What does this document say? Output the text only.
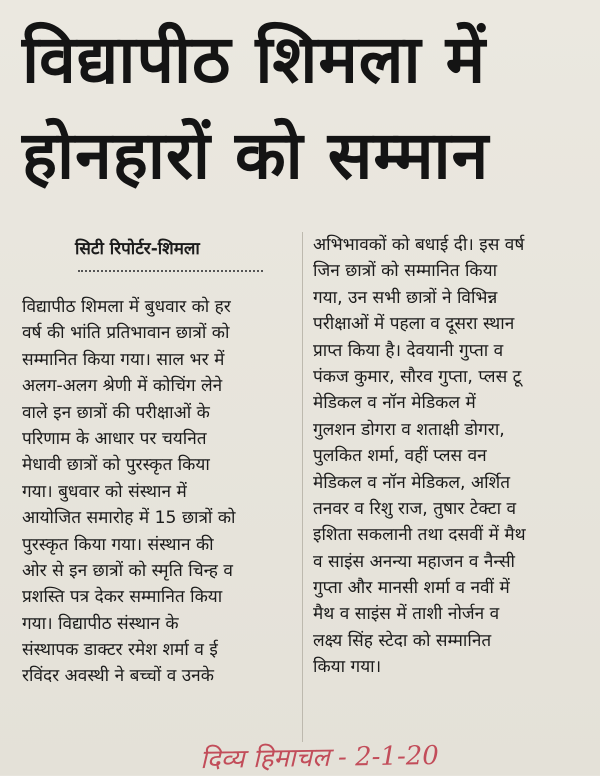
विद्यापीठ शिमला में
होनहारों को सम्मान
सिटी रिपोर्टर-शिमला
विद्यापीठ शिमला में बुधवार को हर
वर्ष की भांति प्रतिभावान छात्रों को
सम्मानित किया गया। साल भर में
अलग-अलग श्रेणी में कोचिंग लेने
वाले इन छात्रों की परीक्षाओं के
परिणाम के आधार पर चयनित
मेधावी छात्रों को पुरस्कृत किया
गया। बुधवार को संस्थान में
आयोजित समारोह में 15 छात्रों को
पुरस्कृत किया गया। संस्थान की
ओर से इन छात्रों को स्मृति चिन्ह व
प्रशस्ति पत्र देकर सम्मानित किया
गया। विद्यापीठ संस्थान के
संस्थापक डाक्टर रमेश शर्मा व ई
रविंदर अवस्थी ने बच्चों व उनके
अभिभावकों को बधाई दी। इस वर्ष
जिन छात्रों को सम्मानित किया
गया, उन सभी छात्रों ने विभिन्न
परीक्षाओं में पहला व दूसरा स्थान
प्राप्त किया है। देवयानी गुप्ता व
पंकज कुमार, सौरव गुप्ता, प्लस टू
मेडिकल व नॉन मेडिकल में
गुलशन डोगरा व शताक्षी डोगरा,
पुलकित शर्मा, वहीं प्लस वन
मेडिकल व नॉन मेडिकल, अर्शित
तनवर व रिशु राज, तुषार टेक्टा व
इशिता सकलानी तथा दसवीं में मैथ
व साइंस अनन्या महाजन व नैन्सी
गुप्ता और मानसी शर्मा व नवीं में
मैथ व साइंस में ताशी नोर्जन व
लक्ष्य सिंह स्टेदा को सम्मानित
किया गया।
दिव्य हिमाचल - 2-1-20
